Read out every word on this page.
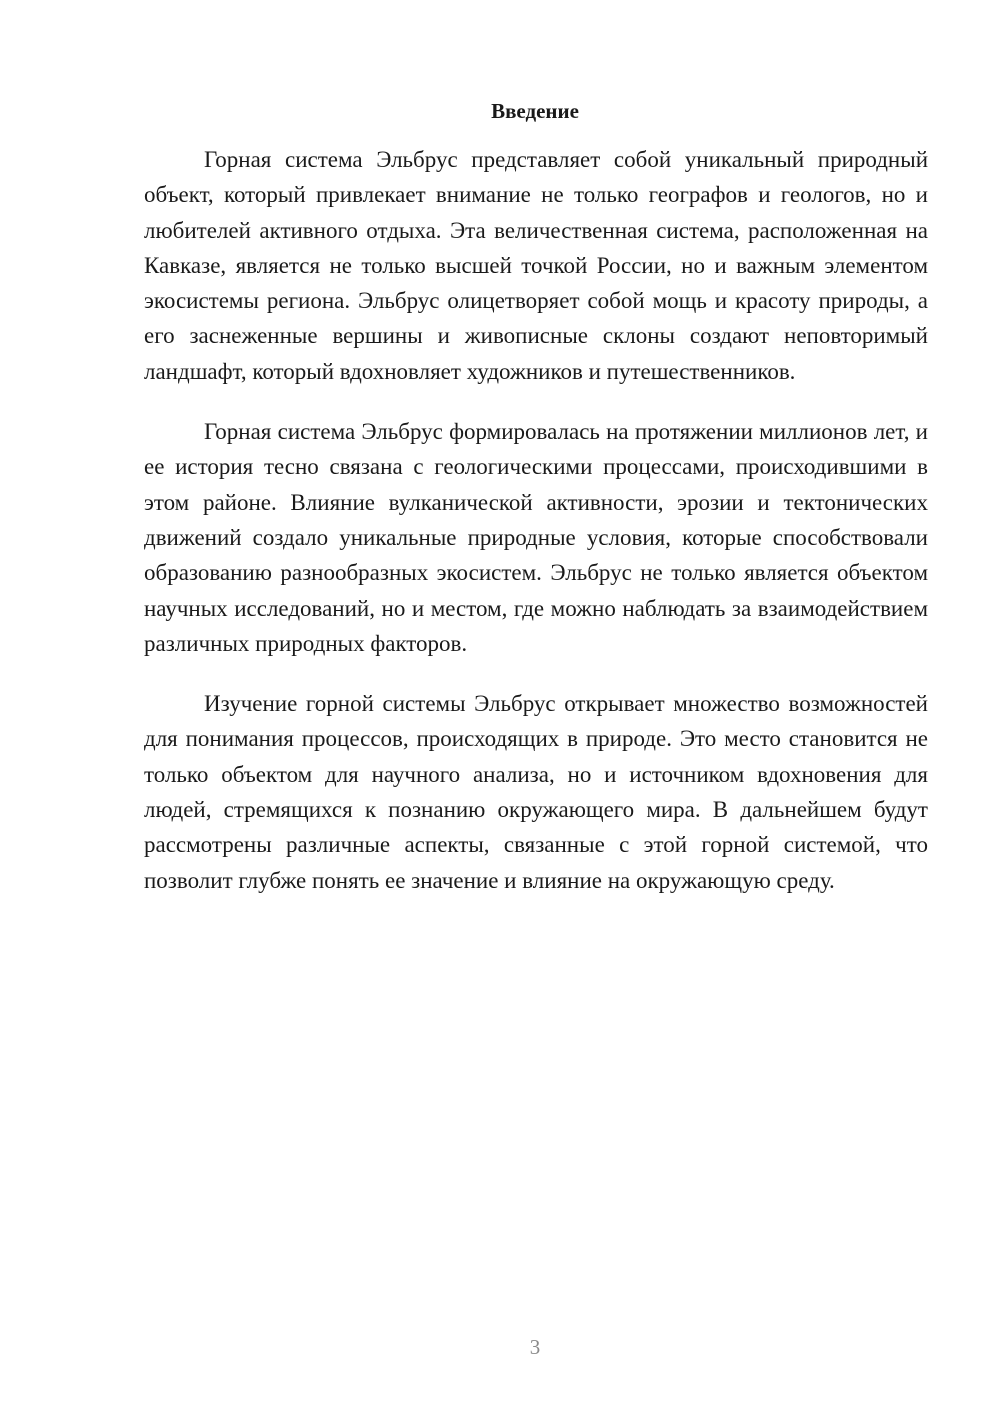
Введение

Горная система Эльбрус представляет собой уникальный природный объект, который привлекает внимание не только географов и геологов, но и любителей активного отдыха. Эта величественная система, расположенная на Кавказе, является не только высшей точкой России, но и важным элементом экосистемы региона. Эльбрус олицетворяет собой мощь и красоту природы, а его заснеженные вершины и живописные склоны создают неповторимый ландшафт, который вдохновляет художников и путешественников.

Горная система Эльбрус формировалась на протяжении миллионов лет, и ее история тесно связана с геологическими процессами, происходившими в этом районе. Влияние вулканической активности, эрозии и тектонических движений создало уникальные природные условия, которые способствовали образованию разнообразных экосистем. Эльбрус не только является объектом научных исследований, но и местом, где можно наблюдать за взаимодействием различных природных факторов.

Изучение горной системы Эльбрус открывает множество возможностей для понимания процессов, происходящих в природе. Это место становится не только объектом для научного анализа, но и источником вдохновения для людей, стремящихся к познанию окружающего мира. В дальнейшем будут рассмотрены различные аспекты, связанные с этой горной системой, что позволит глубже понять ее значение и влияние на окружающую среду.

3
